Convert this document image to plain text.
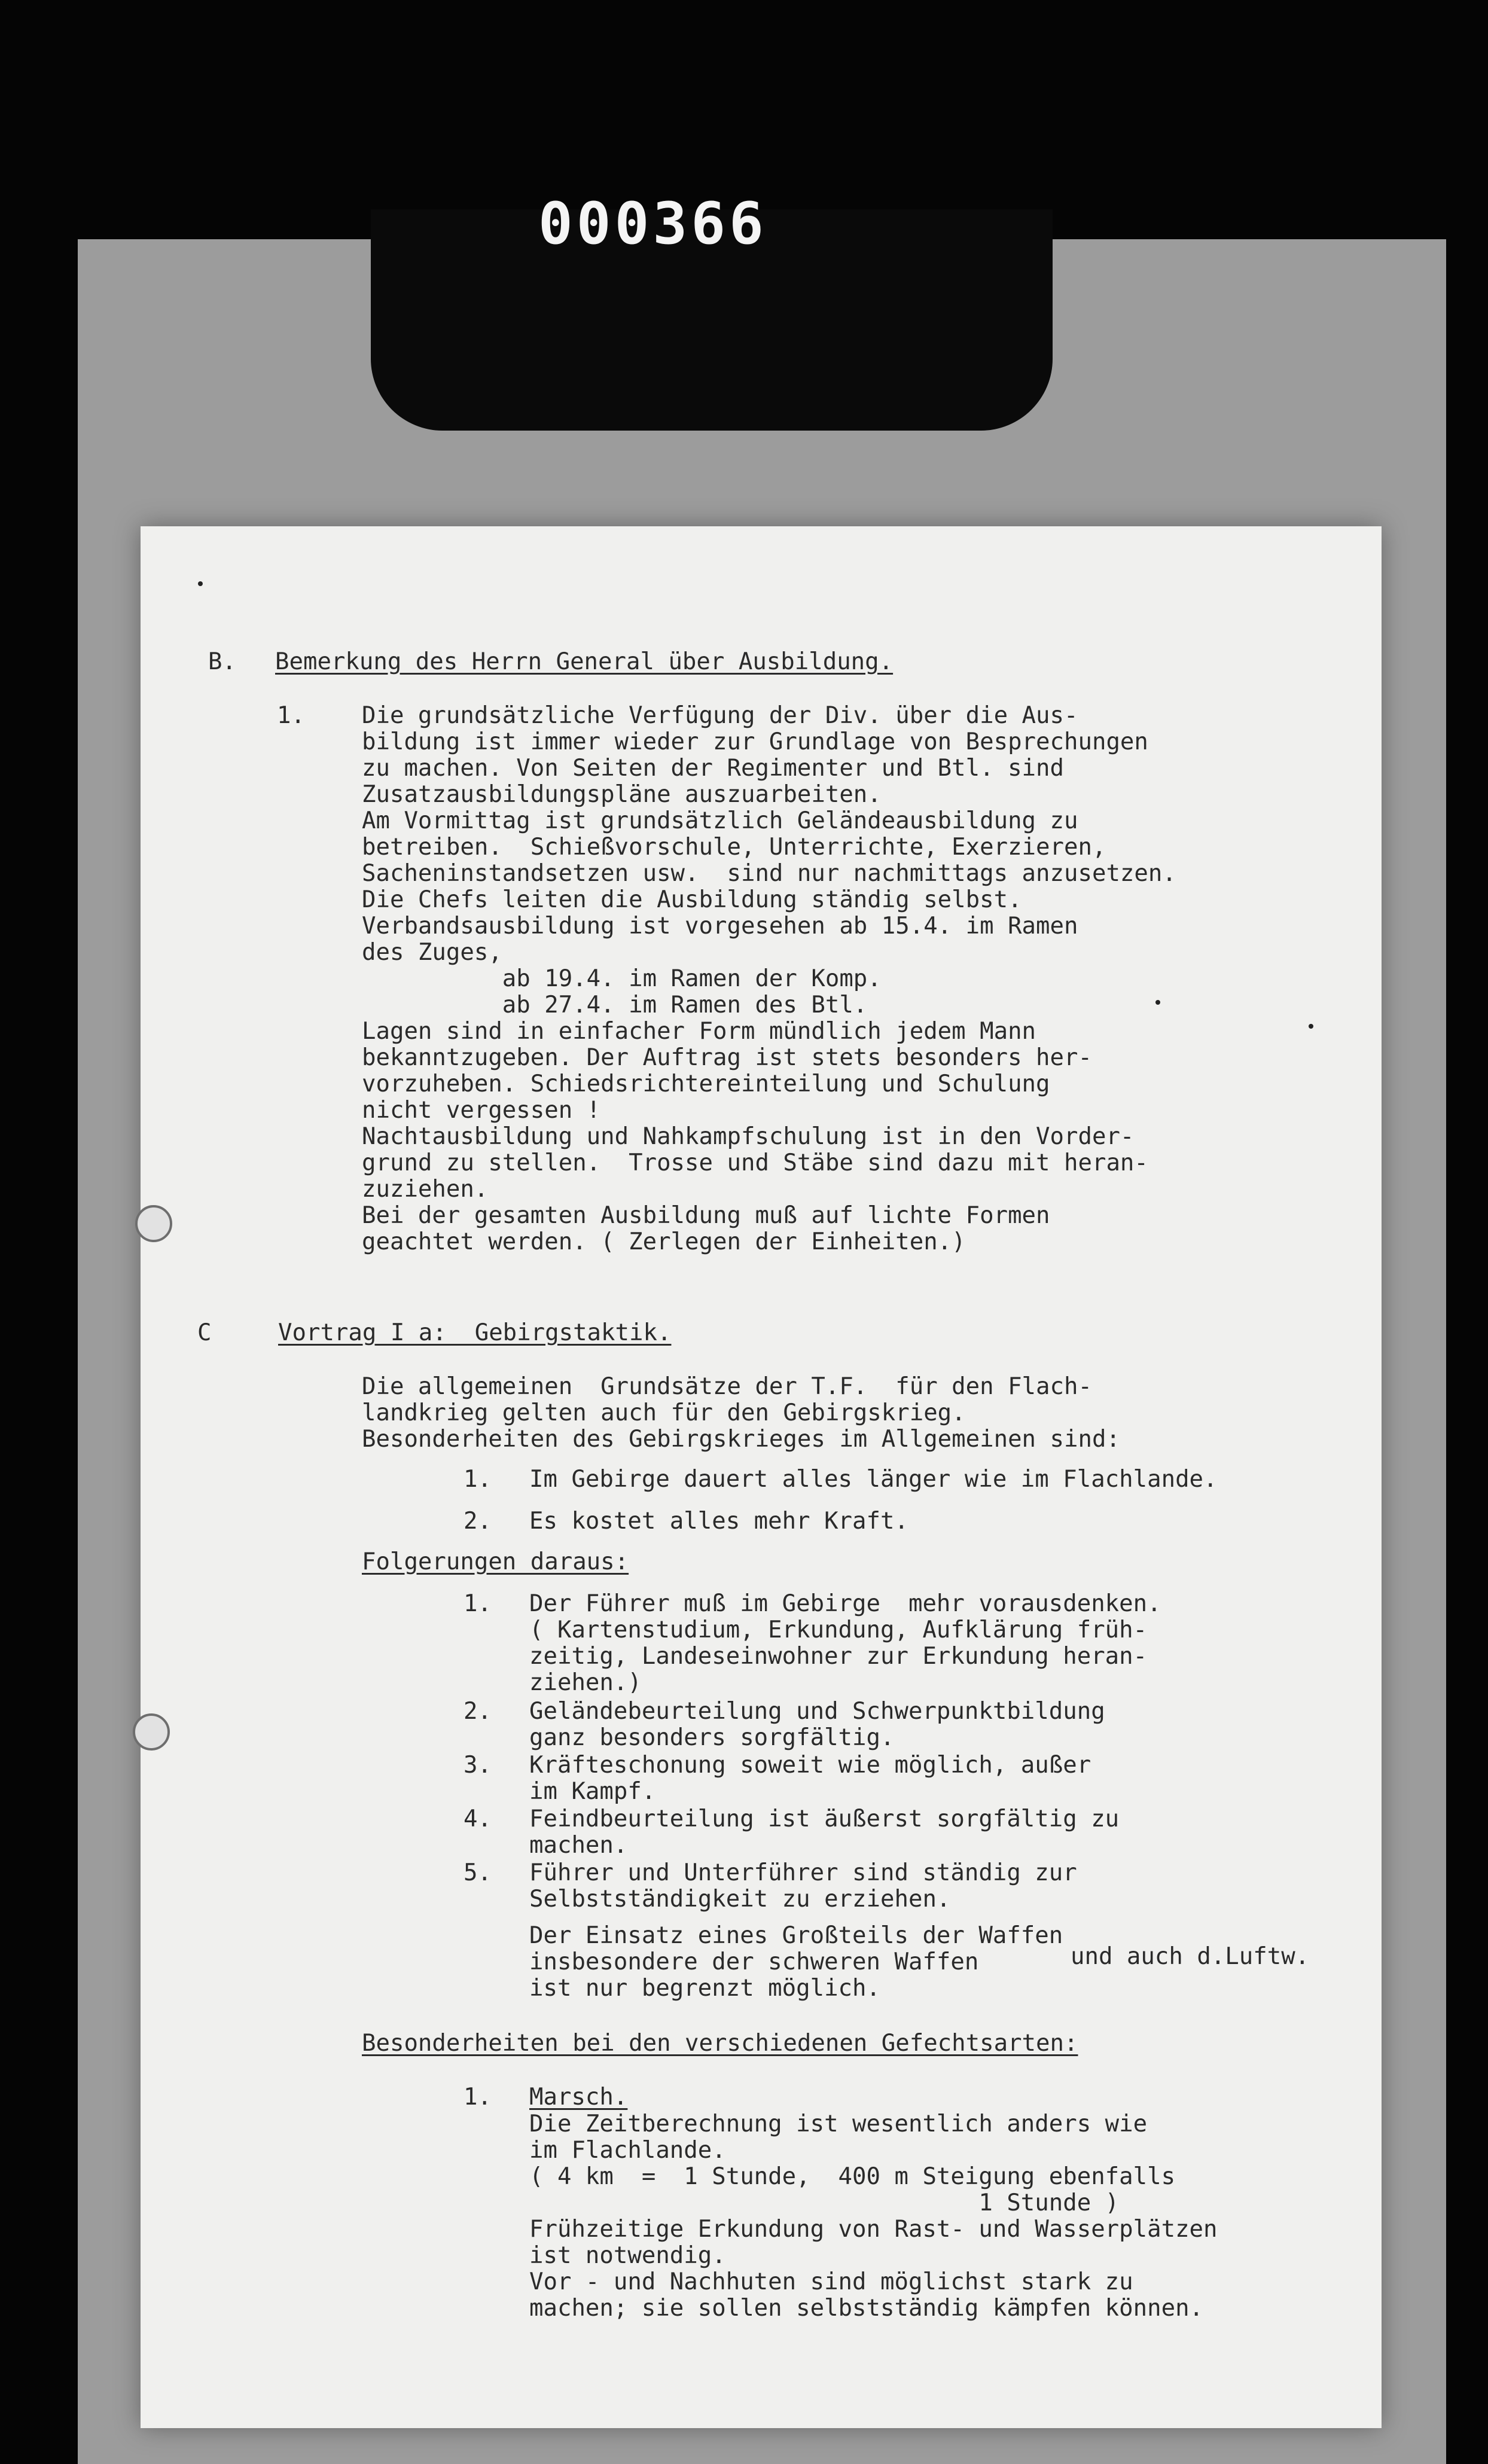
000366
B. Bemerkung des Herrn General über Ausbildung.
1. Die grundsätzliche Verfügung der Div. über die Aus-
bildung ist immer wieder zur Grundlage von Besprechungen
zu machen. Von Seiten der Regimenter und Btl. sind
Zusatzausbildungspläne auszuarbeiten.
Am Vormittag ist grundsätzlich Geländeausbildung zu
betreiben.  Schießvorschule, Unterrichte, Exerzieren,
Sacheninstandsetzen usw.  sind nur nachmittags anzusetzen.
Die Chefs leiten die Ausbildung ständig selbst.
Verbandsausbildung ist vorgesehen ab 15.4. im Ramen
des Zuges,
ab 19.4. im Ramen der Komp.
ab 27.4. im Ramen des Btl.
Lagen sind in einfacher Form mündlich jedem Mann
bekanntzugeben. Der Auftrag ist stets besonders her-
vorzuheben. Schiedsrichtereinteilung und Schulung
nicht vergessen !
Nachtausbildung und Nahkampfschulung ist in den Vorder-
grund zu stellen.  Trosse und Stäbe sind dazu mit heran-
zuziehen.
Bei der gesamten Ausbildung muß auf lichte Formen
geachtet werden. ( Zerlegen der Einheiten.)
C	Vortrag I a:  Gebirgstaktik.
Die allgemeinen  Grundsätze der T.F.  für den Flach-
landkrieg gelten auch für den Gebirgskrieg.
Besonderheiten des Gebirgskrieges im Allgemeinen sind:
1. Im Gebirge dauert alles länger wie im Flachlande.
2. Es kostet alles mehr Kraft.
Folgerungen daraus:
1. Der Führer muß im Gebirge  mehr vorausdenken.
( Kartenstudium, Erkundung, Aufklärung früh-
zeitig, Landeseinwohner zur Erkundung heran-
ziehen.)
2. Geländebeurteilung und Schwerpunktbildung
ganz besonders sorgfältig.
3. Kräfteschonung soweit wie möglich, außer
im Kampf.
4. Feindbeurteilung ist äußerst sorgfältig zu
machen.
5. Führer und Unterführer sind ständig zur
Selbstständigkeit zu erziehen.
Der Einsatz eines Großteils der Waffen
insbesondere der schweren Waffen
ist nur begrenzt möglich.
und auch d.Luftw.
Besonderheiten bei den verschiedenen Gefechtsarten:
1. Marsch.
Die Zeitberechnung ist wesentlich anders wie
im Flachlande.
( 4 km  =  1 Stunde,  400 m Steigung ebenfalls
1 Stunde )
Frühzeitige Erkundung von Rast- und Wasserplätzen
ist notwendig.
Vor - und Nachhuten sind möglichst stark zu
machen; sie sollen selbstständig kämpfen können.
